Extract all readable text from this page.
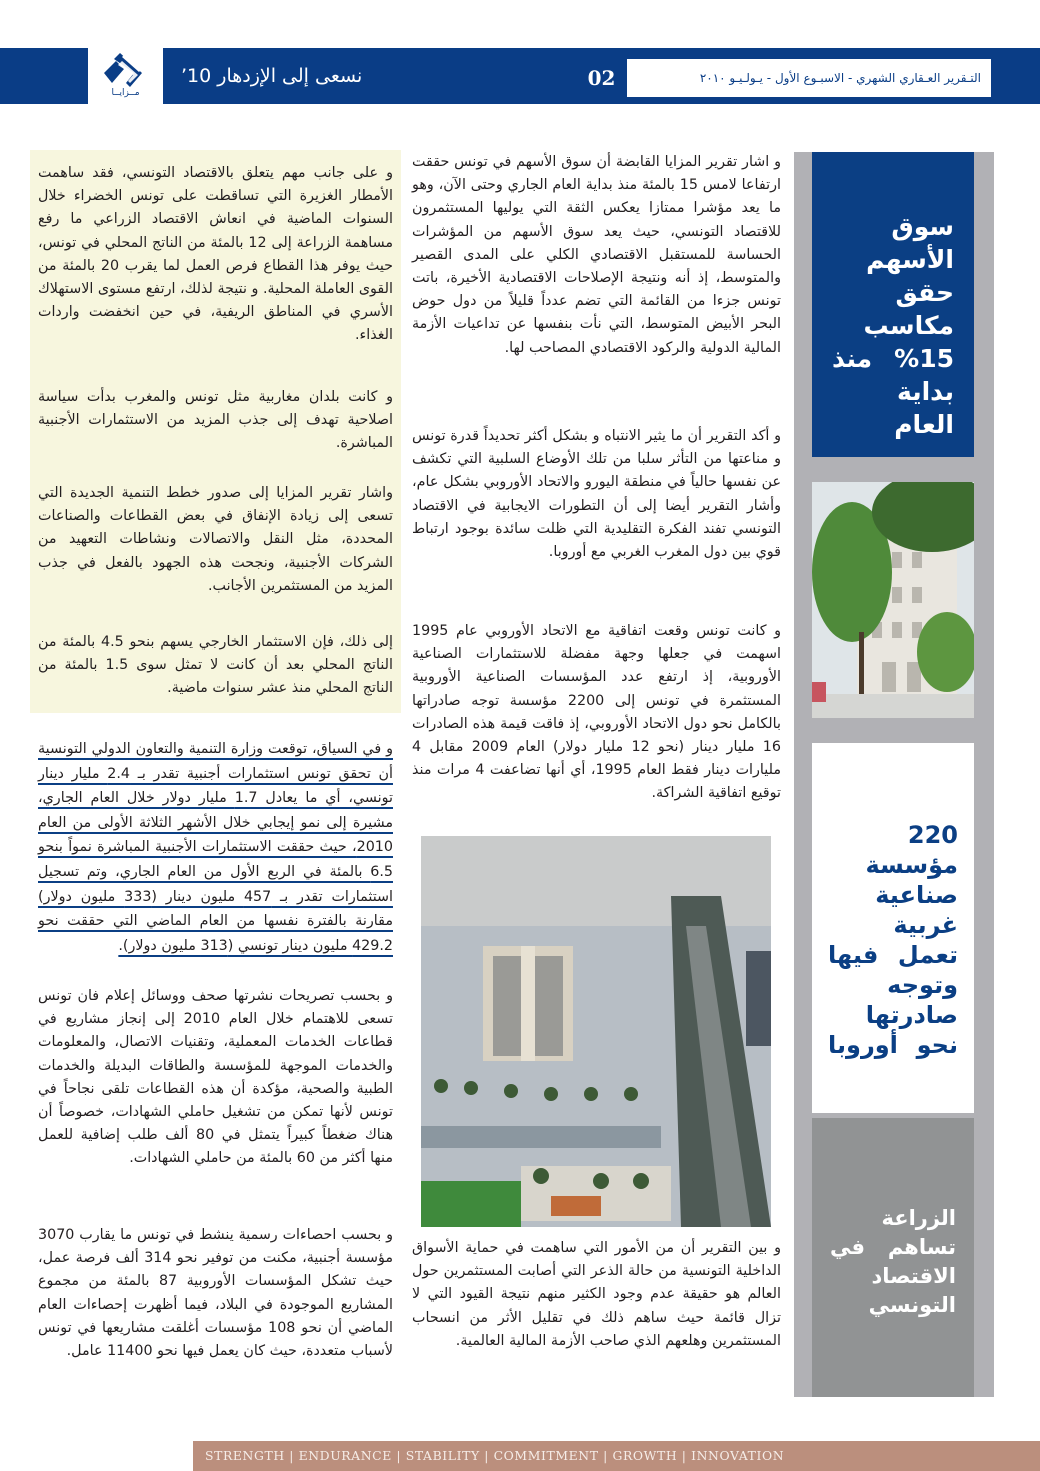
مــزايــا
نسعى إلى الإزدهار 10’	02	التـقرير العـقاري الشهري - الاسبـوع الأول - يـولـيـو ٢٠١٠
سوق الأسهم حقق مكاسب 15% منذ بداية العام
220 مؤسسة صناعية غربية تعمل فيها وتوجه صادرتها نحو أوروبا
الزراعة تساهم في الاقتصاد التونسي

و اشار تقرير المزايا القابضة أن سوق الأسهم في تونس حققت ارتفاعا لامس 15 بالمئة منذ بداية العام الجاري وحتى الآن، وهو ما يعد مؤشرا ممتازا يعكس الثقة التي يوليها المستثمرون للاقتصاد التونسي، حيث يعد سوق الأسهم من المؤشرات الحساسة للمستقبل الاقتصادي الكلي على المدى القصير والمتوسط، إذ أنه ونتيجة الإصلاحات الاقتصادية الأخيرة، باتت تونس جزءا من القائمة التي تضم عدداً قليلاً من دول حوض البحر الأبيض المتوسط، التي نأت بنفسها عن تداعيات الأزمة المالية الدولية والركود الاقتصادي المصاحب لها.

و أكد التقرير أن ما يثير الانتباه و بشكل أكثر تحديداً قدرة تونس و مناعتها من التأثر سلبا من تلك الأوضاع السلبية التي تكشف عن نفسها حالياً في منطقة اليورو والاتحاد الأوروبي بشكل عام، وأشار التقرير أيضا إلى أن التطورات الايجابية في الاقتصاد التونسي تفند الفكرة التقليدية التي ظلت سائدة بوجود ارتباط قوي بين دول المغرب الغربي مع أوروبا.

و كانت تونس وقعت اتفاقية مع الاتحاد الأوروبي عام 1995 اسهمت في جعلها وجهة مفضلة للاستثمارات الصناعية الأوروبية، إذ ارتفع عدد المؤسسات الصناعية الأوروبية المستثمرة في تونس إلى 2200 مؤسسة توجه صادراتها بالكامل نحو دول الاتحاد الأوروبي، إذ فاقت قيمة هذه الصادرات 16 مليار دينار (نحو 12 مليار دولار) العام 2009 مقابل 4 مليارات دينار فقط العام 1995، أي أنها تضاعفت 4 مرات منذ توقيع اتفاقية الشراكة.

و بين التقرير أن من الأمور التي ساهمت في حماية الأسواق الداخلية التونسية من حالة الذعر التي أصابت المستثمرين حول العالم هو حقيقة عدم وجود الكثير منهم نتيجة القيود التي لا تزال قائمة حيث ساهم ذلك في تقليل الأثر من انسحاب المستثمرين وهلعهم الذي صاحب الأزمة المالية العالمية.

و على جانب مهم يتعلق بالاقتصاد التونسي، فقد ساهمت الأمطار الغزيرة التي تساقطت على تونس الخضراء خلال السنوات الماضية في انعاش الاقتصاد الزراعي ما رفع مساهمة الزراعة إلى 12 بالمئة من الناتج المحلي في تونس، حيث يوفر هذا القطاع فرص العمل لما يقرب 20 بالمئة من القوى العاملة المحلية. و نتيجة لذلك، ارتفع مستوى الاستهلاك الأسري في المناطق الريفية، في حين انخفضت واردات الغذاء.

و كانت بلدان مغاربية مثل تونس والمغرب بدأت سياسة اصلاحية تهدف إلى جذب المزيد من الاستثمارات الأجنبية المباشرة.

واشار تقرير المزايا إلى صدور خطط التنمية الجديدة التي تسعى إلى زيادة الإنفاق في بعض القطاعات والصناعات المحددة، مثل النقل والاتصالات ونشاطات التعهيد من الشركات الأجنبية، ونجحت هذه الجهود بالفعل في جذب المزيد من المستثمرين الأجانب.

إلى ذلك، فإن الاستثمار الخارجي يسهم بنحو 4.5 بالمئة من الناتج المحلي بعد أن كانت لا تمثل سوى 1.5 بالمئة من الناتج المحلي منذ عشر سنوات ماضية.

و في السياق، توقعت وزارة التنمية والتعاون الدولي التونسية أن تحقق تونس استثمارات أجنبية تقدر بـ 2.4 مليار دينار تونسي، أي ما يعادل 1.7 مليار دولار خلال العام الجاري، مشيرة إلى نمو إيجابي خلال الأشهر الثلاثة الأولى من العام 2010، حيث حققت الاستثمارات الأجنبية المباشرة نمواً بنحو 6.5 بالمئة في الربع الأول من العام الجاري، وتم تسجيل استثمارات تقدر بـ 457 مليون دينار (333 مليون دولار) مقارنة بالفترة نفسها من العام الماضي التي حققت نحو 429.2 مليون دينار تونسي (313 مليون دولار).

و بحسب تصريحات نشرتها صحف ووسائل إعلام فان تونس تسعى للاهتمام خلال العام 2010 إلى إنجاز مشاريع في قطاعات الخدمات المعملية، وتقنيات الاتصال، والمعلومات والخدمات الموجهة للمؤسسة والطاقات البديلة والخدمات الطبية والصحية، مؤكدة أن هذه القطاعات تلقى نجاحاً في تونس لأنها تمكن من تشغيل حاملي الشهادات، خصوصاً أن هناك ضغطاً كبيراً يتمثل في 80 ألف طلب إضافية للعمل منها أكثر من 60 بالمئة من حاملي الشهادات.

و بحسب احصاءات رسمية ينشط في تونس ما يقارب 3070 مؤسسة أجنبية، مكنت من توفير نحو 314 ألف فرصة عمل، حيث تشكل المؤسسات الأوروبية 87 بالمئة من مجموع المشاريع الموجودة في البلاد، فيما أظهرت إحصاءات العام الماضي أن نحو 108 مؤسسات أغلقت مشاريعها في تونس لأسباب متعددة، حيث كان يعمل فيها نحو 11400 عامل.

STRENGTH | ENDURANCE | STABILITY | COMMITMENT | GROWTH | INNOVATION
